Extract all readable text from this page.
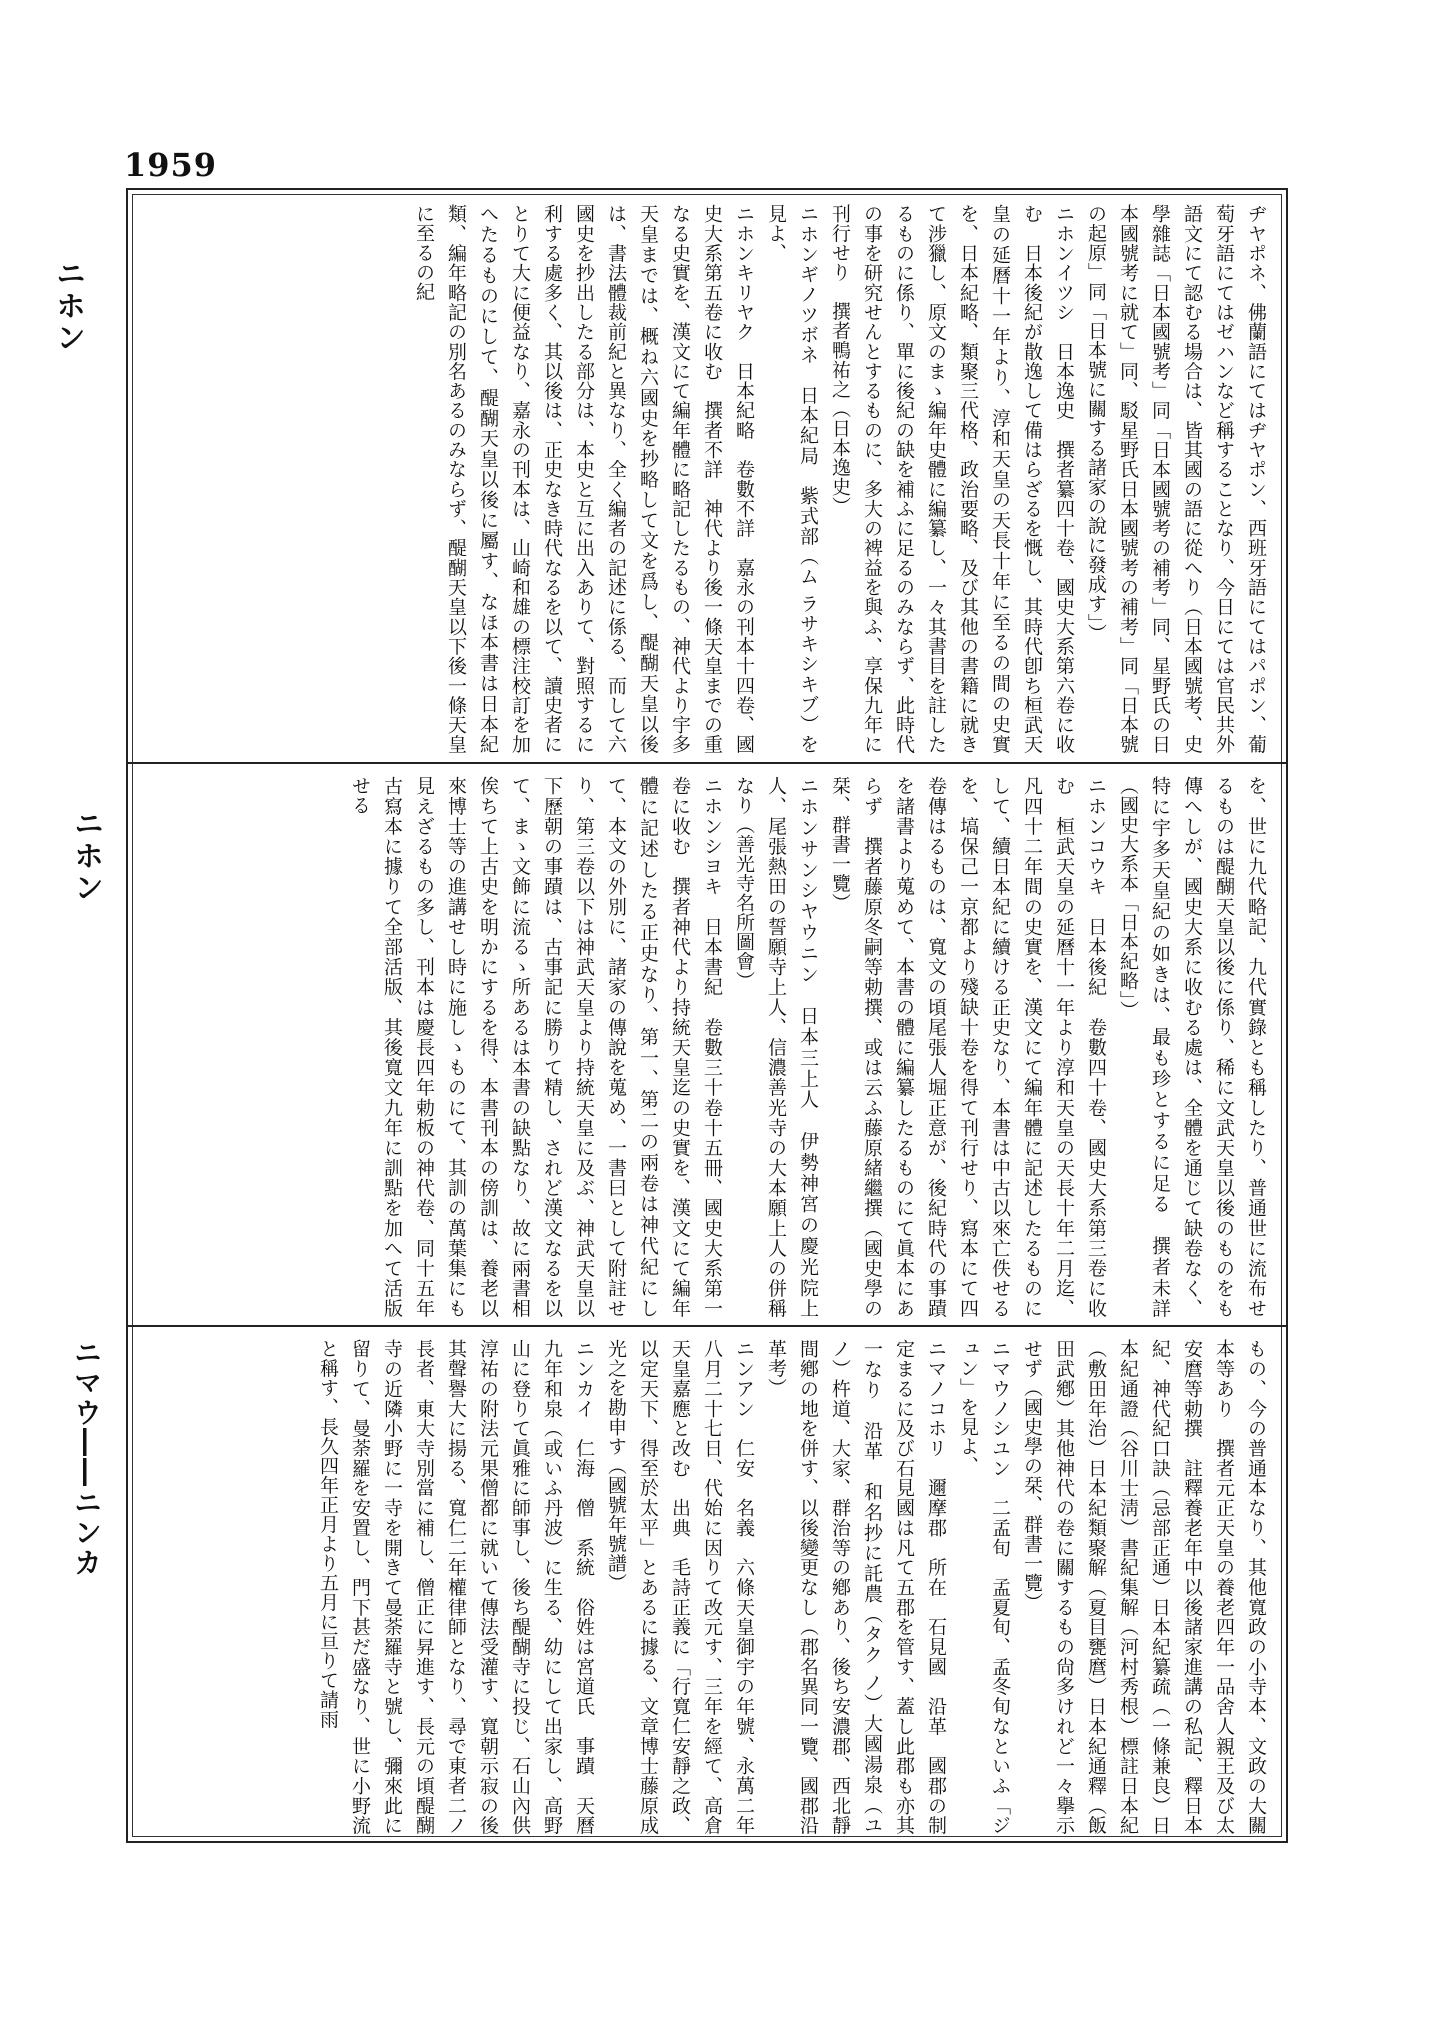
1959
ニホン
ニホン
ニマウ――ニンカ

ヂヤポネ、佛蘭語にてはヂヤポン、西班牙語にてはパポン、葡萄牙語にてはゼハンなど稱することなり、今日にては官民共外語文にて認むる場合は、皆其國の語に從へり（日本國號考、史學雜誌「日本國號考」同「日本國號考の補考」同、星野氏の日本國號考に就て」同、駁星野氏日本國號考の補考」同「日本號の起原」同「日本號に關する諸家の說に發成す」）

ニホンイツシ　日本逸史　撰者纂四十卷、國史大系第六卷に收む　日本後紀が散逸して備はらざるを慨し、其時代卽ち桓武天皇の延曆十一年より、淳和天皇の天長十年に至るの間の史實を、日本紀略、類聚三代格、政治要略、及び其他の書籍に就きて涉獵し、原文のまゝ編年史體に編纂し、一々其書目を註したるものに係り、單に後紀の缺を補ふに足るのみならず、此時代の事を研究せんとするものに、多大の裨益を與ふ、享保九年に刊行せり　撰者鴨祐之（日本逸史）

ニホンギノツボネ　日本紀局　紫式部（ム ラサキシキブ）を見よ、

ニホンキリヤク　日本紀略　卷數不詳　嘉永の刊本十四卷、國史大系第五卷に收む　撰者不詳　神代より後一條天皇までの重なる史實を、漢文にて編年體に略記したるもの、神代より宇多天皇までは、概ね六國史を抄略して文を爲し、醍醐天皇以後は、書法體裁前紀と異なり、全く編者の記述に係る、而して六國史を抄出したる部分は、本史と互に出入ありて、對照するに利する處多く、其以後は、正史なき時代なるを以て、讀史者にとりて大に便益なり、嘉永の刊本は、山崎和雄の標注校訂を加へたるものにして、醍醐天皇以後に屬す、なほ本書は日本紀類、編年略記の別名あるのみならず、醍醐天皇以下後一條天皇に至るの紀

を、世に九代略記、九代實錄とも稱したり、普通世に流布せるものは醍醐天皇以後に係り、稀に文武天皇以後のものをも傳へしが、國史大系に收むる處は、全體を通じて缺卷なく、特に宇多天皇紀の如きは、最も珍とするに足る　撰者未詳（國史大系本「日本紀略」）

ニホンコウキ　日本後紀　卷數四十卷、國史大系第三卷に收む　桓武天皇の延曆十一年より淳和天皇の天長十年二月迄、凡四十二年間の史實を、漢文にて編年體に記述したるものにして、續日本紀に續ける正史なり、本書は中古以來亡佚せるを、塙保己一京都より殘缺十卷を得て刊行せり、寫本にて四卷傳はるものは、寬文の頃尾張人堀正意が、後紀時代の事蹟を諸書より蒐めて、本書の體に編纂したるものにて眞本にあらず　撰者藤原冬嗣等勅撰、或は云ふ藤原緒繼撰（國史學の栞、群書一覽）

ニホンサンシヤウニン　日本三上人　伊勢神宮の慶光院上人、尾張熱田の誓願寺上人、信濃善光寺の大本願上人の併稱なり（善光寺名所圖會）

ニホンシヨキ　日本書紀　卷數三十卷十五冊、國史大系第一卷に收む　撰者神代より持統天皇迄の史實を、漢文にて編年體に記述したる正史なり、第一、第二の兩卷は神代紀にして、本文の外別に、諸家の傳說を蒐め、一書曰として附註せり、第三卷以下は神武天皇より持統天皇に及ぶ、神武天皇以下歷朝の事蹟は、古事記に勝りて精し、されど漢文なるを以て、まゝ文飾に流るゝ所あるは本書の缺點なり、故に兩書相俟ちて上古史を明かにするを得、本書刊本の傍訓は、養老以來博士等の進講せし時に施しゝものにて、其訓の萬葉集にも見えざるもの多し、刊本は慶長四年勅板の神代卷、同十五年古寫本に據りて全部活版、其後寬文九年に訓點を加へて活版せる

もの、今の普通本なり、其他寬政の小寺本、文政の大關本等あり　撰者元正天皇の養老四年一品舍人親王及び太安麿等勅撰　註釋養老年中以後諸家進講の私記、釋日本紀、神代紀口訣（忌部正通）日本紀纂疏（一條兼良）日本紀通證（谷川士淸）書紀集解（河村秀根）標註日本紀（敷田年治）日本紀類聚解（夏目甕麿）日本紀通釋（飯田武鄕）其他神代の卷に關するもの尙多けれど一々擧示せず（國史學の栞、群書一覽）

ニマウノシユン　二孟旬　孟夏旬、孟冬旬なといふ「ジュン」を見よ、

ニマノコホリ　邇摩郡　所在　石見國　沿革　國郡の制定まるに及び石見國は凡て五郡を管す、蓋し此郡も亦其一なり　沿革　和名抄に託農（タク ノ）大國湯泉（ユノ）杵道、大家、群治等の鄕あり、後ち安濃郡、西北靜間鄕の地を併す、以後變更なし（郡名異同一覽、國郡沿革考）

ニンアン　仁安　名義　六條天皇御宇の年號、永萬二年八月二十七日、代始に因りて改元す、三年を經て、高倉天皇嘉應と改む　出典　毛詩正義に「行寬仁安靜之政、以定天下、得至於太平」とあるに據る、文章博士藤原成光之を勘申す（國號年號譜）

ニンカイ　仁海　僧　系統　俗姓は宮道氏　事蹟　天曆九年和泉（或いふ丹波）に生る、幼にして出家し、高野山に登りて眞雅に師事し、後ち醍醐寺に投じ、石山內供淳祐の附法元果僧都に就いて傳法受灌す、寬朝示寂の後其聲譽大に揚る、寬仁二年權律師となり、尋で東者二ノ長者、東大寺別當に補し、僧正に昇進す、長元の頃醍醐寺の近隣小野に一寺を開きて曼荼羅寺と號し、彌來此に留りて、曼荼羅を安置し、門下甚だ盛なり、世に小野流と稱す、長久四年正月より五月に亘りて請雨
